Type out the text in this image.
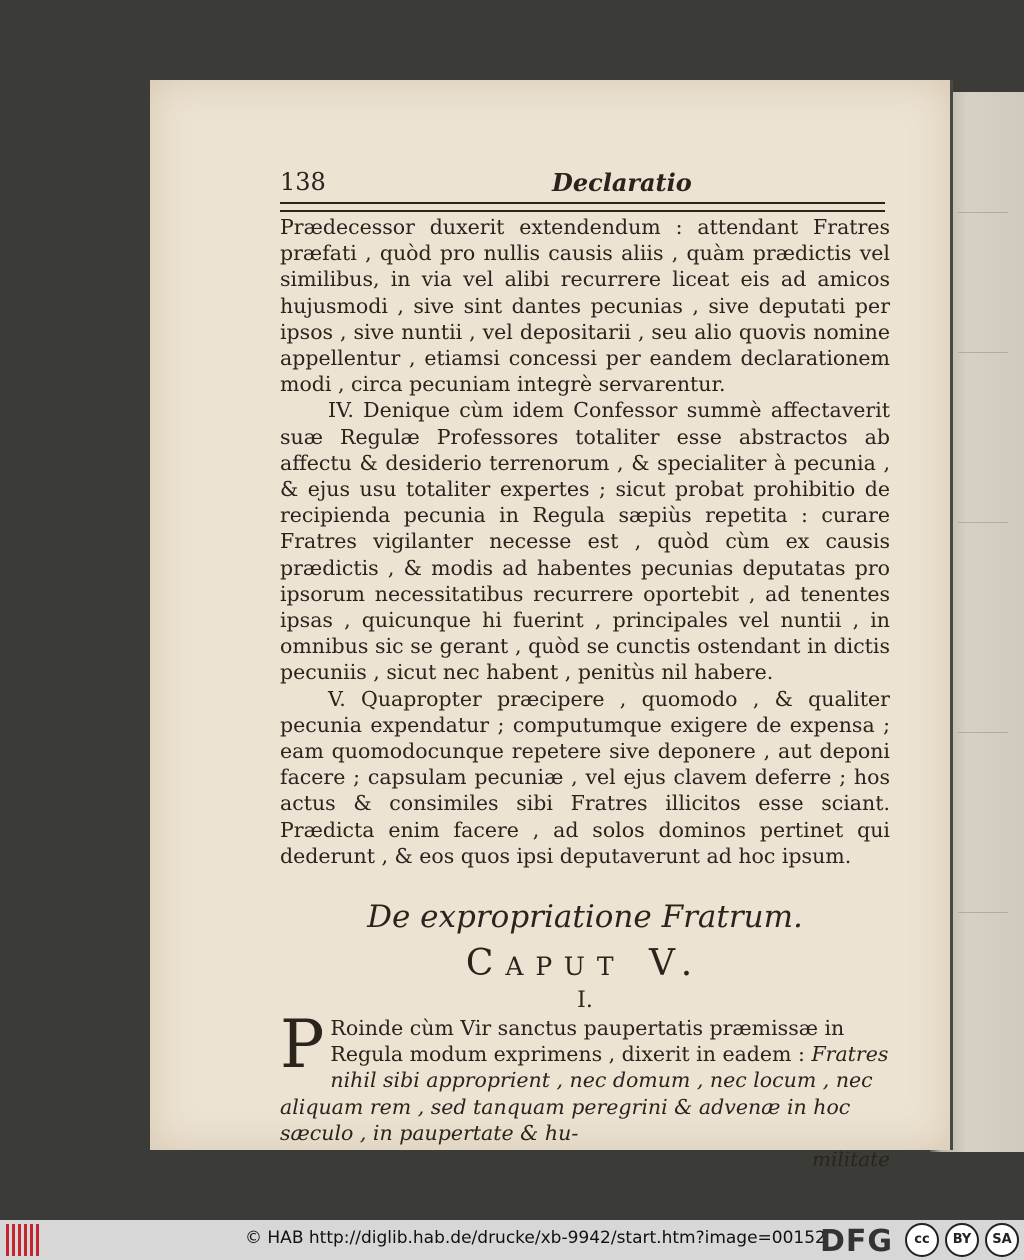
138	Declaratio

Prædecessor duxerit extendendum : attendant Fratres præfati , quòd pro nullis causis aliis , quàm prædictis vel similibus, in via vel alibi recurrere liceat eis ad amicos hujusmodi , sive sint dantes pecunias , sive deputati per ipsos , sive nuntii , vel depositarii , seu alio quovis nomine appellentur , etiamsi concessi per eandem declarationem modi , circa pecuniam integrè servarentur.

IV. Denique cùm idem Confessor summè affectaverit suæ Regulæ Professores totaliter esse abstractos ab affectu & desiderio terrenorum , & specialiter à pecunia , & ejus usu totaliter expertes ; sicut probat prohibitio de recipienda pecunia in Regula sæpiùs repetita : curare Fratres vigilanter necesse est , quòd cùm ex causis prædictis , & modis ad habentes pecunias deputatas pro ipsorum necessitatibus recurrere oportebit , ad tenentes ipsas , quicunque hi fuerint , principales vel nuntii , in omnibus sic se gerant , quòd se cunctis ostendant in dictis pecuniis , sicut nec habent , penitùs nil habere.

V. Quapropter præcipere , quomodo , & qualiter pecunia expendatur ; computumque exigere de expensa ; eam quomodocunque repetere sive deponere , aut deponi facere ; capsulam pecuniæ , vel ejus clavem deferre ; hos actus & consimiles sibi Fratres illicitos esse sciant. Prædicta enim facere , ad solos dominos pertinet qui dederunt , & eos quos ipsi deputaverunt ad hoc ipsum.

De expropriatione Fratrum.
Caput V.
I.
P Roinde cùm Vir sanctus paupertatis præmissæ in Regula modum exprimens , dixerit in eadem : Fratres nihil sibi approprient , nec domum , nec locum , nec aliquam rem , sed tanquam peregrini & advenæ in hoc sæculo , in paupertate & hu-
militate
© HAB http://diglib.hab.de/drucke/xb-9942/start.htm?image=00152
DFG	cc	BY	SA
